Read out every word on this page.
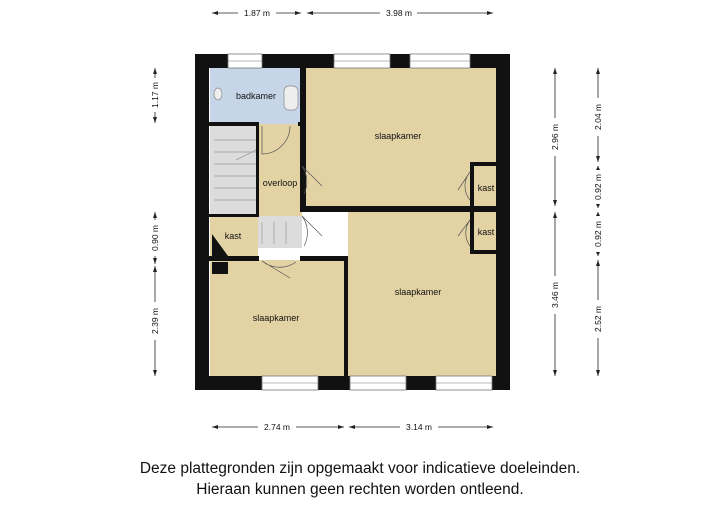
badkamer
slaapkamer
overloop
kast
kast
kast
slaapkamer
slaapkamer
1.87 m	3.98 m
2.74 m	3.14 m
1.17 m
0.90 m
2.39 m
2.96 m
3.46 m
2.04 m
0.92 m
0.92 m
2.52 m
Deze plattegronden zijn opgemaakt voor indicatieve doeleinden.
Hieraan kunnen geen rechten worden ontleend.
